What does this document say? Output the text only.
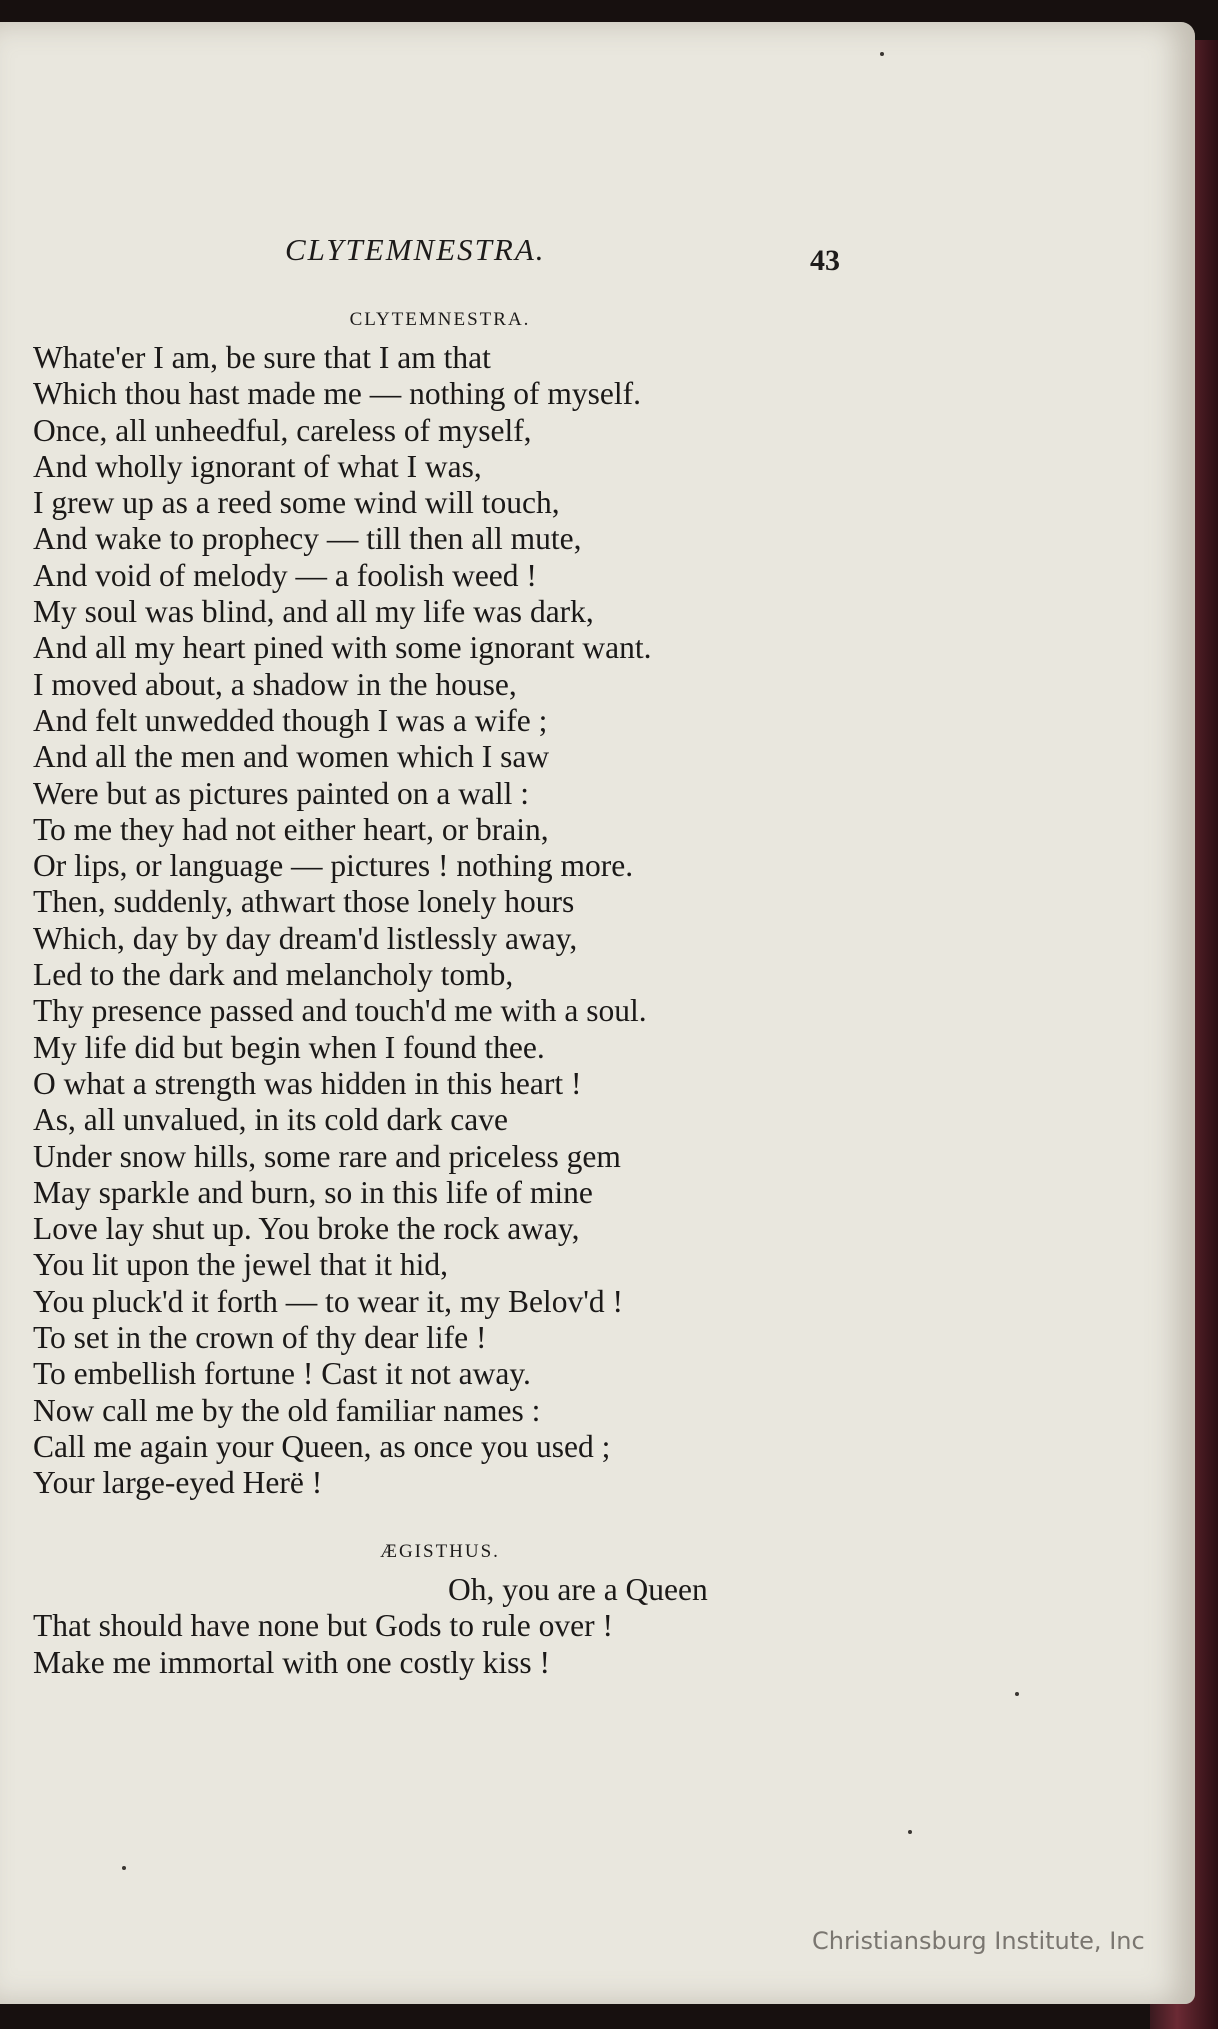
CLYTEMNESTRA.	43
CLYTEMNESTRA.
Whate'er I am, be sure that I am that
Which thou hast made me — nothing of myself.
Once, all unheedful, careless of myself,
And wholly ignorant of what I was,
I grew up as a reed some wind will touch,
And wake to prophecy — till then all mute,
And void of melody — a foolish weed !
My soul was blind, and all my life was dark,
And all my heart pined with some ignorant want.
I moved about, a shadow in the house,
And felt unwedded though I was a wife ;
And all the men and women which I saw
Were but as pictures painted on a wall :
To me they had not either heart, or brain,
Or lips, or language — pictures ! nothing more.
Then, suddenly, athwart those lonely hours
Which, day by day dream'd listlessly away,
Led to the dark and melancholy tomb,
Thy presence passed and touch'd me with a soul.
My life did but begin when I found thee.
O what a strength was hidden in this heart !
As, all unvalued, in its cold dark cave
Under snow hills, some rare and priceless gem
May sparkle and burn, so in this life of mine
Love lay shut up. You broke the rock away,
You lit upon the jewel that it hid,
You pluck'd it forth — to wear it, my Belov'd !
To set in the crown of thy dear life !
To embellish fortune ! Cast it not away.
Now call me by the old familiar names :
Call me again your Queen, as once you used ;
Your large-eyed Herë !
ÆGISTHUS.
Oh, you are a Queen
That should have none but Gods to rule over !
Make me immortal with one costly kiss !
Christiansburg Institute, Inc
